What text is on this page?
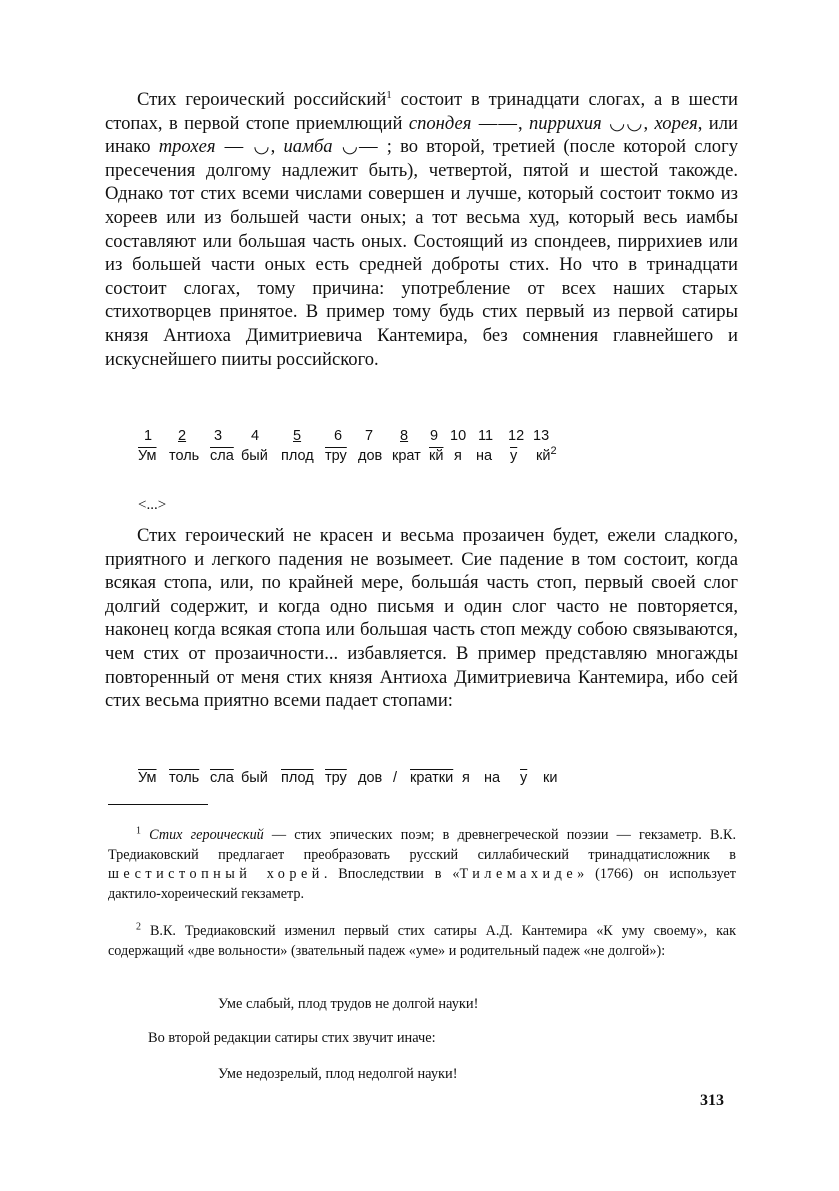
Стих героический российский$^1$ состоит в тринадцати слогах, а в шести стопах, в первой стопе приемлющий спондея ——, пиррихия ◡◡, хорея, или инако трохея — ◡, иамба ◡— ; во второй, третией (после которой слогу пресечения долгому надлежит быть), четвертой, пятой и шестой такожде. Однако тот стих всеми числами совершен и лучше, который состоит токмо из хореев или из большей части оных; а тот весьма худ, который весь иамбы составляют или большая часть оных. Состоящий из спондеев, пиррихиев или из большей части оных есть средней доброты стих. Но что в тринадцати состоит слогах, тому причина: употребление от всех наших старых стихотворцев принятое. В пример тому будь стих первый из первой сатиры князя Антиоха Димитриевича Кантемира, без сомнения главнейшего и искуснейшего пииты российского.

1 2 3 4 5 6 7 8 9 10 11 12 13
Ум толь сла бый плод тру дов крат кй я на у $кй^2$
<...>

Стих героический не красен и весьма прозаичен будет, ежели сладкого, приятного и легкого падения не возымеет. Сие падение в том состоит, когда всякая стопа, или, по крайней мере, большáя часть стоп, первый своей слог долгий содержит, и когда одно письмя и один слог часто не повторяется, наконец когда всякая стопа или большая часть стоп между собою связываются, чем стих от прозаичности... избавляется. В пример представляю многажды повторенный от меня стих князя Антиоха Димитриевича Кантемира, ибо сей стих весьма приятно всеми падает стопами:

Ум толь сла бый плод тру дов / кратки я на у ки

$^1$ Стих героический — стих эпических поэм; в древнегреческой поэзии — гекзаметр. В.К. Тредиаковский предлагает преобразовать русский силлабический тринадцатисложник в шестистопный хорей. Впоследствии в «Тилемахиде» (1766) он использует дактило-хореический гекзаметр.

$^2$ В.К. Тредиаковский изменил первый стих сатиры А.Д. Кантемира «К уму своему», как содержащий «две вольности» (звательный падеж «уме» и родительный падеж «не долгой»):

Уме слабый, плод трудов не долгой науки!
Во второй редакции сатиры стих звучит иначе:
Уме недозрелый, плод недолгой науки!
313
